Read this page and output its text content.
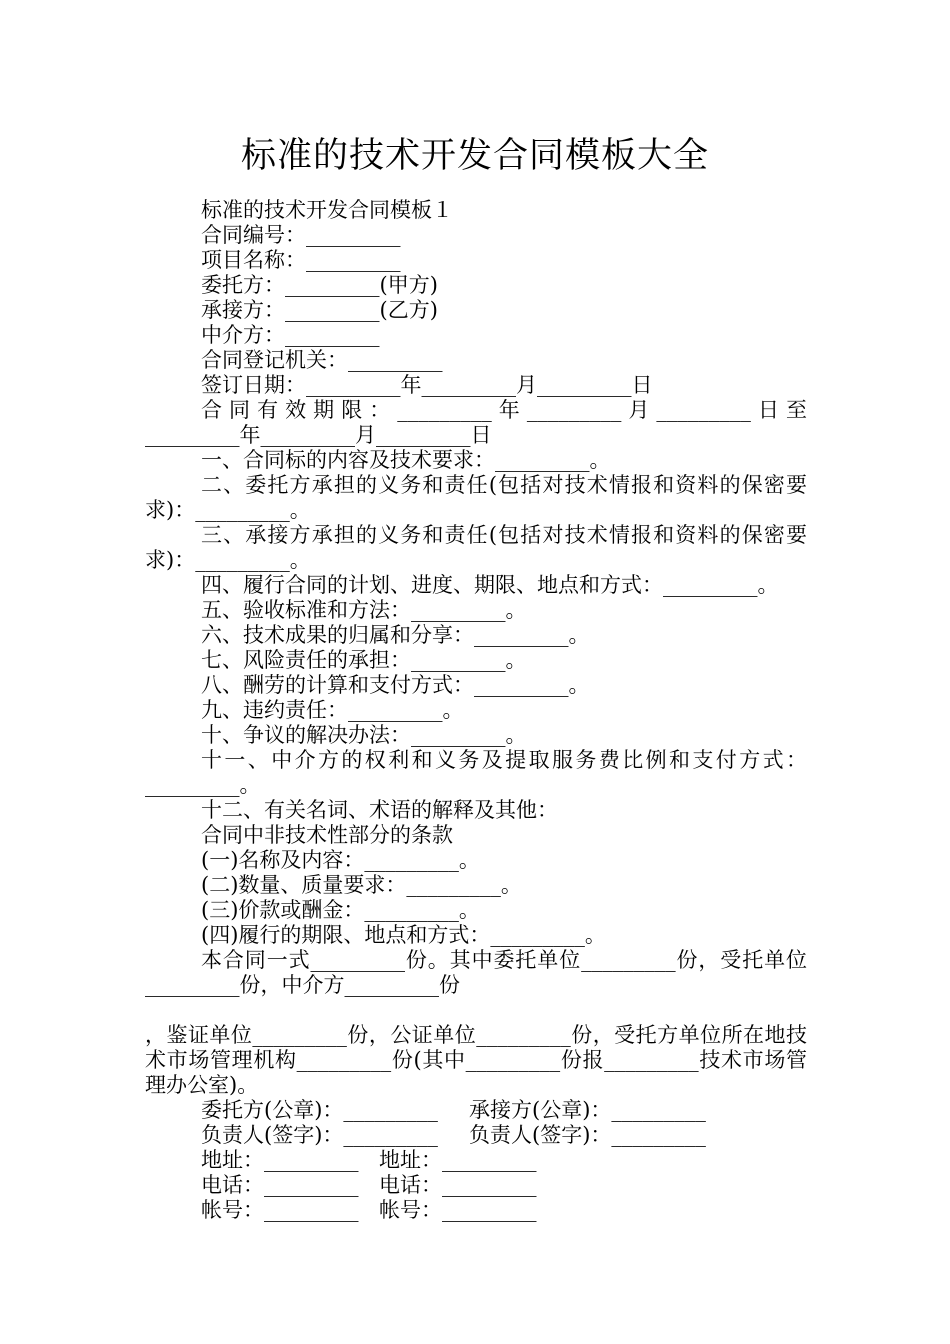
标准的技术开发合同模板大全

标准的技术开发合同模板１

合同编号：_________

项目名称：_________

委托方：_________(甲方)

承接方：_________(乙方)

中介方：_________

合同登记机关：_________

签订日期：_________年_________月_________日

合同有效期限：_________年_________月_________日至_________年_________月_________日

一、合同标的内容及技术要求：_________。

二、委托方承担的义务和责任(包括对技术情报和资料的保密要求)：_________。

三、承接方承担的义务和责任(包括对技术情报和资料的保密要求)：_________。

四、履行合同的计划、进度、期限、地点和方式：_________。

五、验收标准和方法：_________。

六、技术成果的归属和分享：_________。

七、风险责任的承担：_________。

八、酬劳的计算和支付方式：_________。

九、违约责任：_________。

十、争议的解决办法：_________。

十一、中介方的权利和义务及提取服务费比例和支付方式：_________。

十二、有关名词、术语的解释及其他：

合同中非技术性部分的条款

(一)名称及内容：_________。

(二)数量、质量要求：_________。

(三)价款或酬金：_________。

(四)履行的期限、地点和方式：_________。

本合同一式_________份。其中委托单位_________份，受托单位_________份，中介方_________份

，鉴证单位_________份，公证单位_________份，受托方单位所在地技术市场管理机构_________份(其中_________份报_________技术市场管理办公室)。

委托方(公章)：_________	承接方(公章)：_________
负责人(签字)：_________	负责人(签字)：_________
地址：_________ 地址：_________
电话：_________ 电话：_________
帐号：_________ 帐号：_________
